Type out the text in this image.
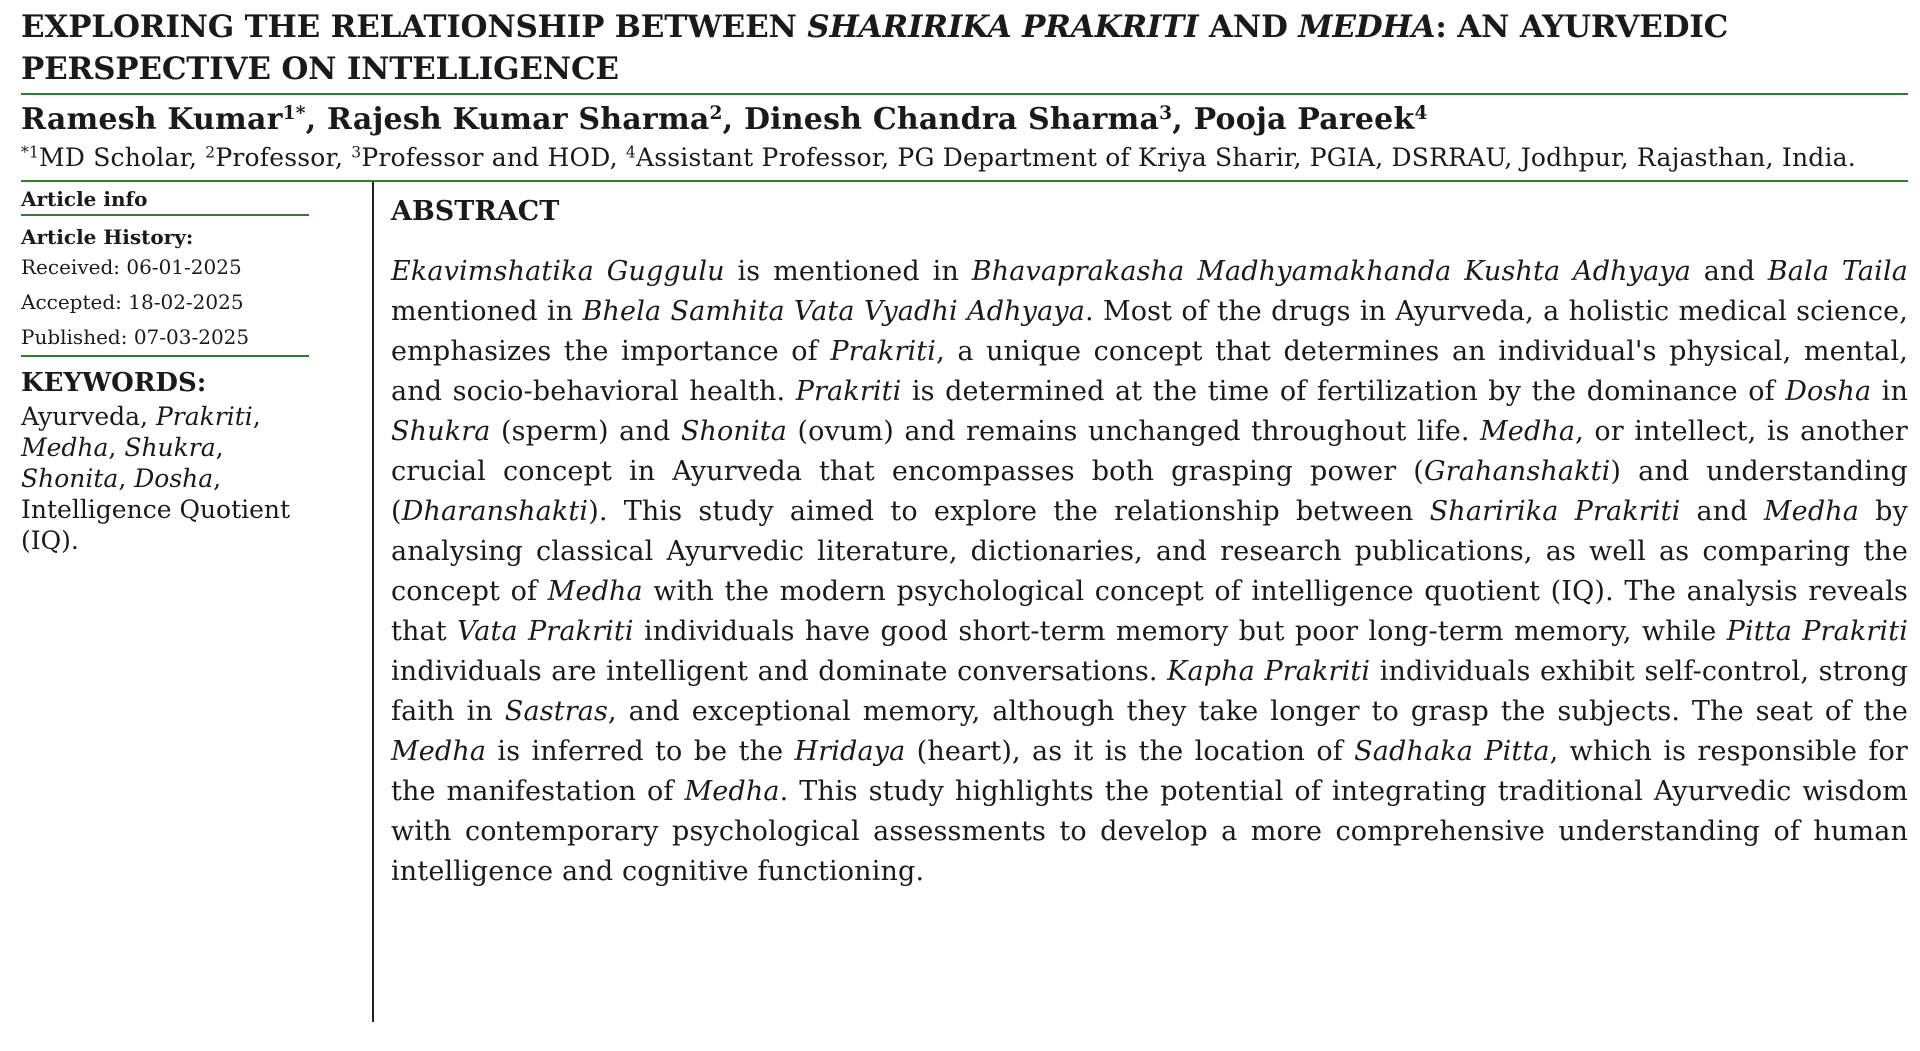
EXPLORING THE RELATIONSHIP BETWEEN SHARIRIKA PRAKRITI AND MEDHA: AN AYURVEDIC PERSPECTIVE ON INTELLIGENCE
Ramesh Kumar$^{1*}$, Rajesh Kumar Sharma$^2$, Dinesh Chandra Sharma$^3$, Pooja Pareek$^4$
$^{*1}$MD Scholar, $^2$Professor, $^3$Professor and HOD, $^4$Assistant Professor, PG Department of Kriya Sharir, PGIA, DSRRAU, Jodhpur, Rajasthan, India.
Article info
Article History:
Received: 06-01-2025
Accepted: 18-02-2025
Published: 07-03-2025
KEYWORDS:
Ayurveda, Prakriti, Medha, Shukra, Shonita, Dosha, Intelligence Quotient (IQ).
ABSTRACT
Ekavimshatika Guggulu is mentioned in Bhavaprakasha Madhyamakhanda Kushta Adhyaya and Bala Taila mentioned in Bhela Samhita Vata Vyadhi Adhyaya. Most of the drugs in Ayurveda, a holistic medical science, emphasizes the importance of Prakriti, a unique concept that determines an individual's physical, mental, and socio-behavioral health. Prakriti is determined at the time of fertilization by the dominance of Dosha in Shukra (sperm) and Shonita (ovum) and remains unchanged throughout life. Medha, or intellect, is another crucial concept in Ayurveda that encompasses both grasping power (Grahanshakti) and understanding (Dharanshakti). This study aimed to explore the relationship between Sharirika Prakriti and Medha by analysing classical Ayurvedic literature, dictionaries, and research publications, as well as comparing the concept of Medha with the modern psychological concept of intelligence quotient (IQ). The analysis reveals that Vata Prakriti individuals have good short-term memory but poor long-term memory, while Pitta Prakriti individuals are intelligent and dominate conversations. Kapha Prakriti individuals exhibit self-control, strong faith in Sastras, and exceptional memory, although they take longer to grasp the subjects. The seat of the Medha is inferred to be the Hridaya (heart), as it is the location of Sadhaka Pitta, which is responsible for the manifestation of Medha. This study highlights the potential of integrating traditional Ayurvedic wisdom with contemporary psychological assessments to develop a more comprehensive understanding of human intelligence and cognitive functioning.
